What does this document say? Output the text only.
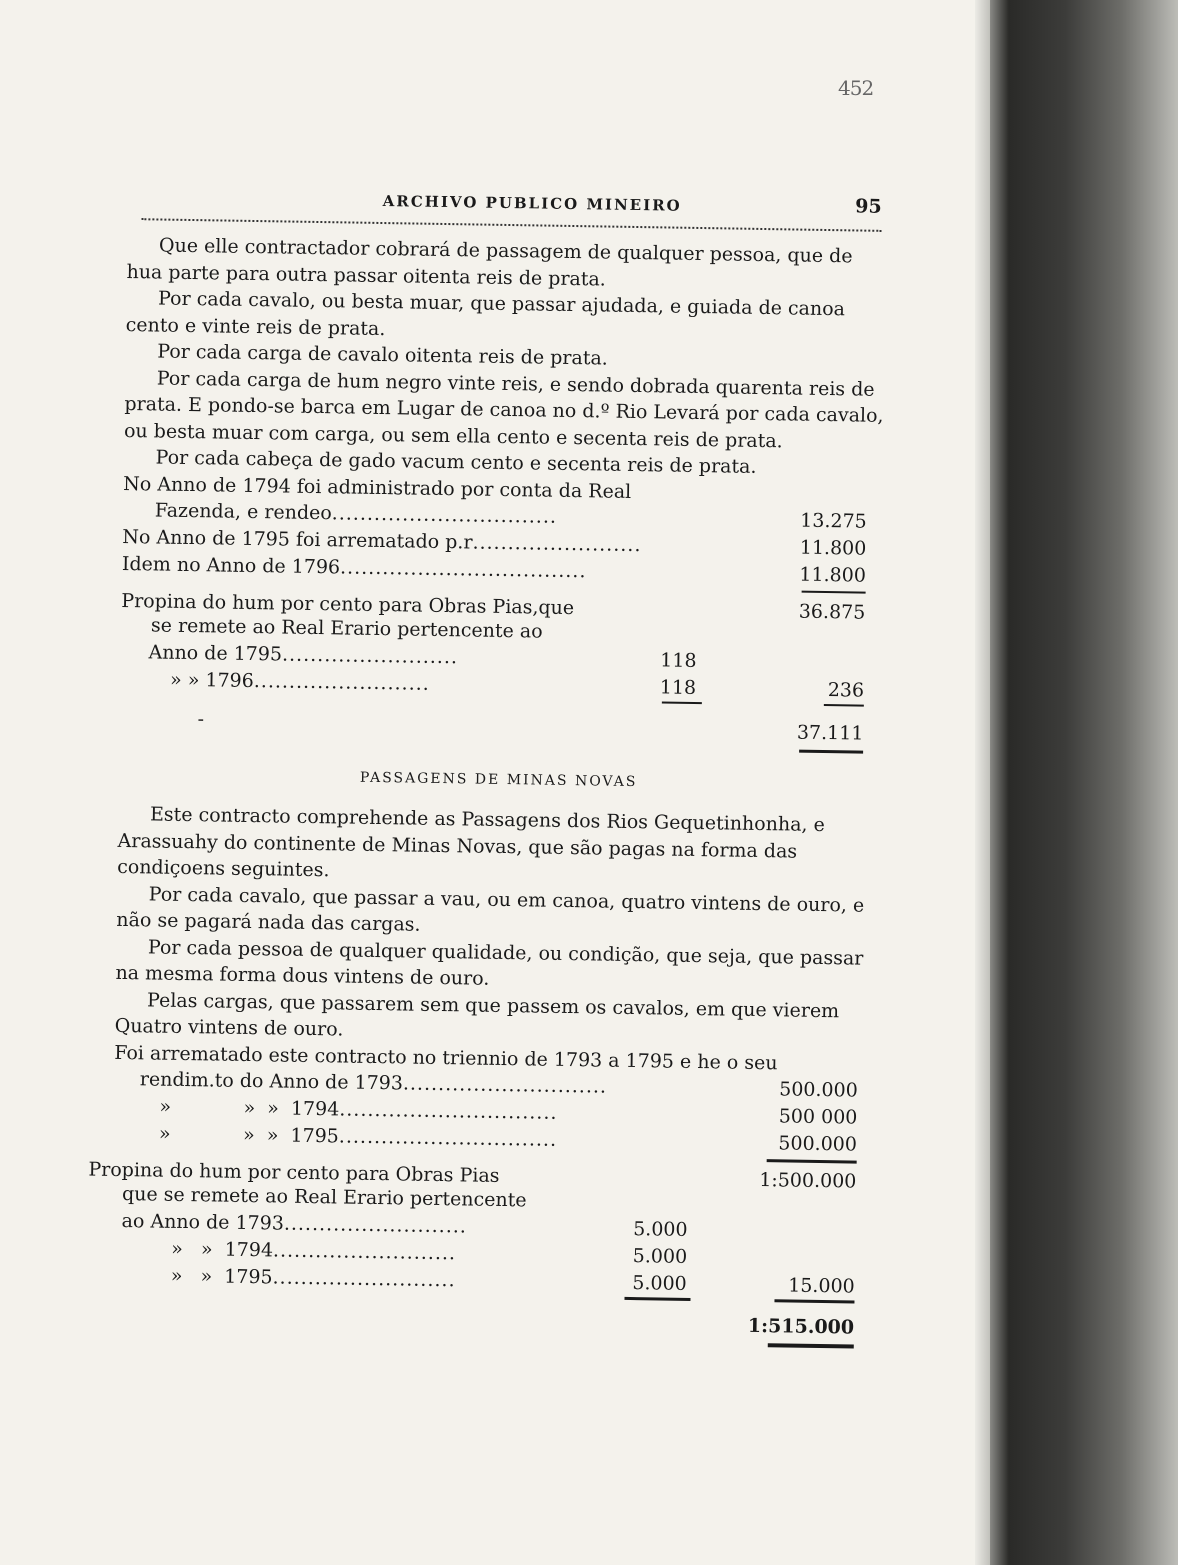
452
ARCHIVO PUBLICO MINEIRO	95

Que elle contractador cobrará de passagem de qualquer pessoa, que de hua parte para outra passar oitenta reis de prata.

Por cada cavalo, ou besta muar, que passar ajudada, e guiada de canoa cento e vinte reis de prata.

Por cada carga de cavalo oitenta reis de prata.

Por cada carga de hum negro vinte reis, e sendo dobrada quarenta reis de prata. E pondo-se barca em Lugar de canoa no d.º Rio Levará por cada cavalo, ou besta muar com carga, ou sem ella cento e secenta reis de prata.

Por cada cabeça de gado vacum cento e secenta reis de prata.

No Anno de 1794 foi administrado por conta da Real

Fazenda, e rendeo................................	13.275
No Anno de 1795 foi arrematado p.r........................	11.800
Idem no Anno de 1796...................................	11.800
36.875
Propina do hum por cento para Obras Pias,que

se remete ao Real Erario pertencente ao

Anno de 1795.........................	118
» » 1796.........................	118	236
-
37.111
PASSAGENS DE MINAS NOVAS

Este contracto comprehende as Passagens dos Rios Gequetinhonha, e Arassuahy do continente de Minas Novas, que são pagas na forma das condiçoens seguintes.

Por cada cavalo, que passar a vau, ou em canoa, quatro vintens de ouro, e não se pagará nada das cargas.

Por cada pessoa de qualquer qualidade, ou condição, que seja, que passar na mesma forma dous vintens de ouro.

Pelas cargas, que passarem sem que passem os cavalos, em que vierem Quatro vintens de ouro.

Foi arrematado este contracto no triennio de 1793 a 1795 e he o seu

rendim.to do Anno de 1793.............................	500.000
»            »  »  1794...............................	500 000
»            »  »  1795...............................	500.000
1:500.000
Propina do hum por cento para Obras Pias

que se remete ao Real Erario pertencente

ao Anno de 1793..........................	5.000
»   »  1794..........................	5.000
»   »  1795..........................	5.000	15.000
1:515.000
